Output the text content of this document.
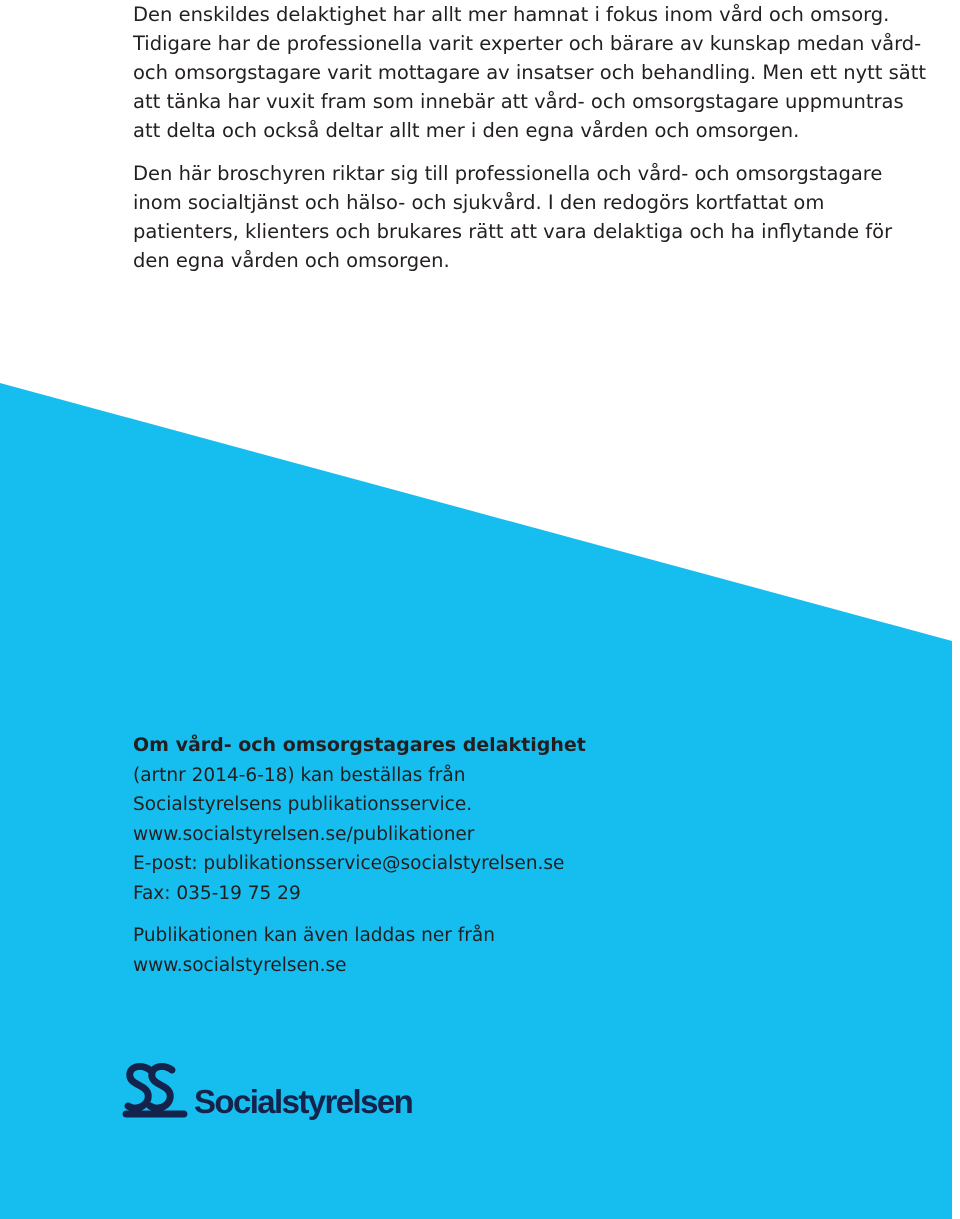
Den enskildes delaktighet har allt mer hamnat i fokus inom vård och omsorg. Tidigare har de professionella varit experter och bärare av kunskap medan vård- och omsorgstagare varit mottagare av insatser och behandling. Men ett nytt sätt att tänka har vuxit fram som innebär att vård- och omsorgstagare uppmuntras att delta och också deltar allt mer i den egna vården och omsorgen.

Den här broschyren riktar sig till professionella och vård- och omsorgstagare inom socialtjänst och hälso- och sjukvård. I den redogörs kortfattat om patienters, klienters och brukares rätt att vara delaktiga och ha inflytande för den egna vården och omsorgen.

Om vård- och omsorgstagares delaktighet
(artnr 2014-6-18) kan beställas från
Socialstyrelsens publikationsservice.
www.socialstyrelsen.se/publikationer
E-post: publikationsservice@socialstyrelsen.se
Fax: 035-19 75 29
Publikationen kan även laddas ner från
www.socialstyrelsen.se
Socialstyrelsen
